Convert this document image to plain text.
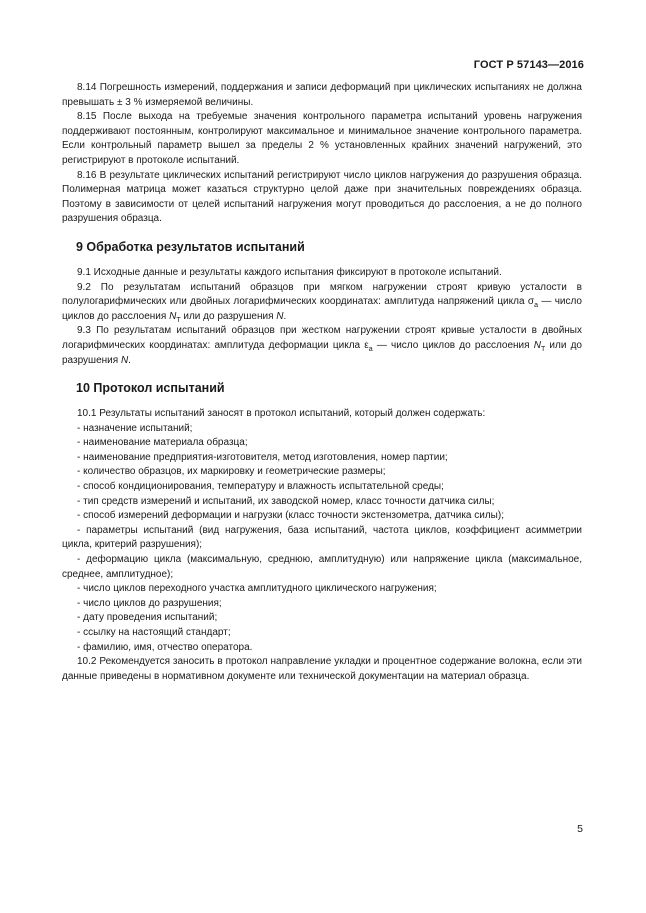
ГОСТ Р 57143—2016

8.14 Погрешность измерений, поддержания и записи деформаций при циклических испытаниях не должна превышать ± 3 % измеряемой величины.

8.15 После выхода на требуемые значения контрольного параметра испытаний уровень нагружения поддерживают постоянным, контролируют максимальное и минимальное значение контрольного параметра. Если контрольный параметр вышел за пределы 2 % установленных крайних значений нагружений, это регистрируют в протоколе испытаний.

8.16 В результате циклических испытаний регистрируют число циклов нагружения до разрушения образца. Полимерная матрица может казаться структурно целой даже при значительных повреждениях образца. Поэтому в зависимости от целей испытаний нагружения могут проводиться до расслоения, а не до полного разрушения образца.

9 Обработка результатов испытаний

9.1 Исходные данные и результаты каждого испытания фиксируют в протоколе испытаний.

9.2 По результатам испытаний образцов при мягком нагружении строят кривую усталости в полулогарифмических или двойных логарифмических координатах: амплитуда напряжений цикла $\sigma_а$ — число циклов до расслоения $N_T$ или до разрушения N.

9.3 По результатам испытаний образцов при жестком нагружении строят кривые усталости в двойных логарифмических координатах: амплитуда деформации цикла $\varepsilon_а$ — число циклов до расслоения $N_T$ или до разрушения N.

10 Протокол испытаний

10.1 Результаты испытаний заносят в протокол испытаний, который должен содержать:

- назначение испытаний;
- наименование материала образца;
- наименование предприятия-изготовителя, метод изготовления, номер партии;
- количество образцов, их маркировку и геометрические размеры;
- способ кондиционирования, температуру и влажность испытательной среды;
- тип средств измерений и испытаний, их заводской номер, класс точности датчика силы;
- способ измерений деформации и нагрузки (класс точности экстензометра, датчика силы);
- параметры испытаний (вид нагружения, база испытаний, частота циклов, коэффициент асимметрии цикла, критерий разрушения);
- деформацию цикла (максимальную, среднюю, амплитудную) или напряжение цикла (максимальное, среднее, амплитудное);
- число циклов переходного участка амплитудного циклического нагружения;
- число циклов до разрушения;
- дату проведения испытаний;
- ссылку на настоящий стандарт;
- фамилию, имя, отчество оператора.

10.2 Рекомендуется заносить в протокол направление укладки и процентное содержание волокна, если эти данные приведены в нормативном документе или технической документации на материал образца.

5
